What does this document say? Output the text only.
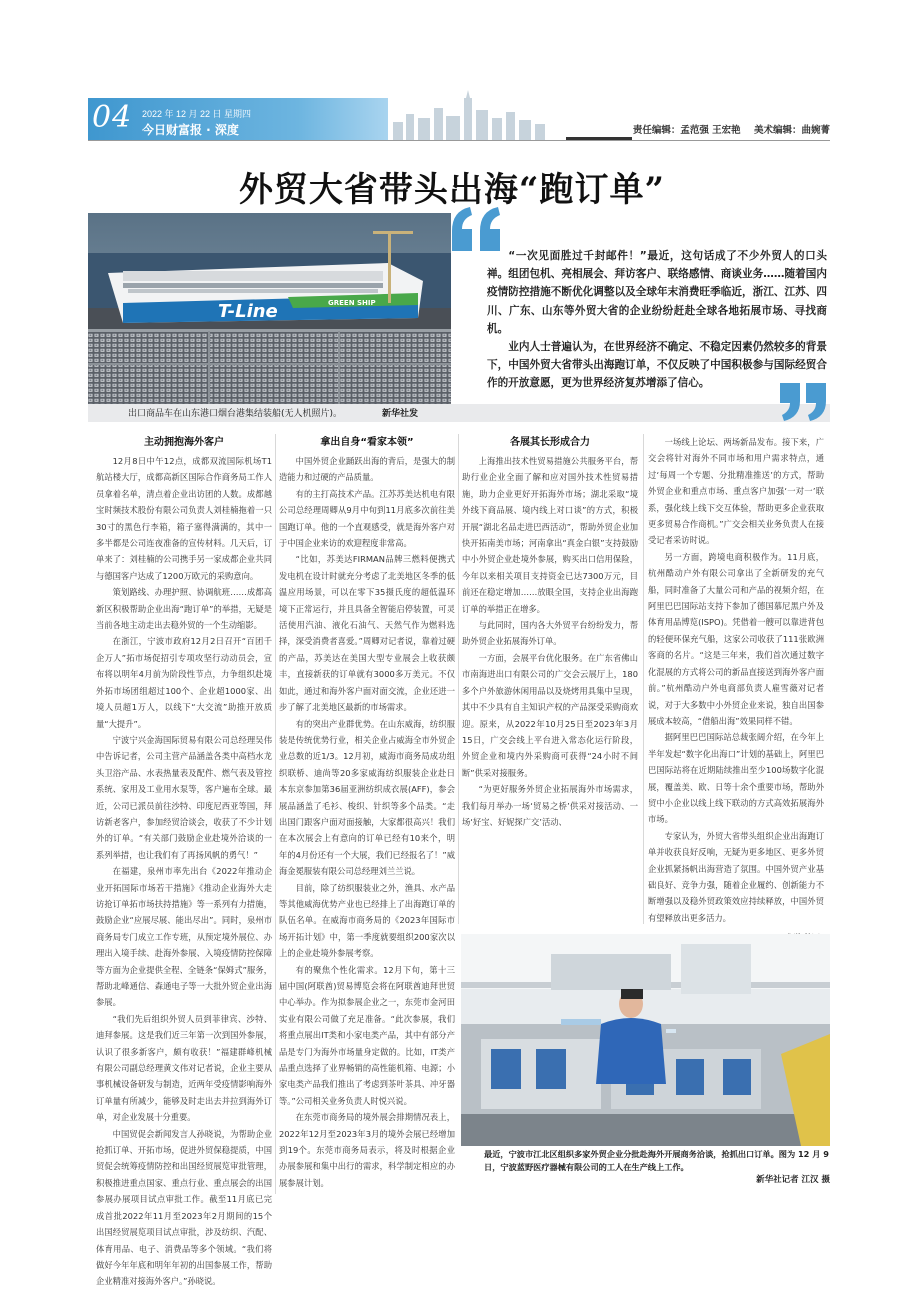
04 2022 年 12 月 22 日 星期四
今日财富报 · 深度	责任编辑：孟范强 王宏艳 美术编辑：曲婉菁
外贸大省带头出海“跑订单”
T-Line	GREEN SHIP
出口商品车在山东港口烟台港集结装船(无人机照片)。	新华社发

“一次见面胜过千封邮件！”最近，这句话成了不少外贸人的口头禅。组团包机、亮相展会、拜访客户、联络感情、商谈业务……随着国内疫情防控措施不断优化调整以及全球年末消费旺季临近，浙江、江苏、四川、广东、山东等外贸大省的企业纷纷赶赴全球各地拓展市场、寻找商机。

业内人士普遍认为，在世界经济不确定、不稳定因素仍然较多的背景下，中国外贸大省带头出海跑订单，不仅反映了中国积极参与国际经贸合作的开放意愿，更为世界经济复苏增添了信心。

主动拥抱海外客户

12月8日中午12点，成都双流国际机场T1航站楼大厅，成都高新区国际合作商务局工作人员拿着名单，清点着企业出访团的人数。成都越宝时频技术股份有限公司负责人刘桂楠拖着一只30寸的黑色行李箱，箱子塞得满满的，其中一多半都是公司连夜准备的宣传材料。几天后，订单来了：刘桂楠的公司携手另一家成都企业共同与德国客户达成了1200万欧元的采购意向。

策划路线、办理护照、协调航班……成都高新区积极帮助企业出海“跑订单”的举措，无疑是当前各地主动走出去稳外贸的一个生动缩影。

在浙江，宁波市政府12月2日召开“百团千企万人”拓市场促招引专项攻坚行动动员会，宣布将以明年4月前为阶段性节点，力争组织赴境外拓市场团组超过100个、企业超1000家、出境人员超1万人，以线下“大交流”助推开放质量“大提升”。

宁波宁兴金海国际贸易有限公司总经理吴伟中告诉记者，公司主营产品涵盖各类中高档水龙头卫浴产品、水表热量表及配件、燃气表及管控系统、家用及工业用水泵等，客户遍布全球。最近，公司已派员前往沙特、印度尼西亚等国，拜访新老客户，参加经贸洽谈会，收获了不少计划外的订单。“有关部门鼓励企业赴境外洽谈的一系列举措，也让我们有了再扬风帆的勇气！”

在福建，泉州市率先出台《2022年推动企业开拓国际市场若干措施》《推动企业海外大走访抢订单拓市场扶持措施》等一系列有力措施，鼓励企业“应展尽展、能出尽出”。同时，泉州市商务局专门成立工作专班，从预定境外展位、办理出入境手续、赴海外参展、入境疫情防控保障等方面为企业提供全程、全链条“保姆式”服务，帮助北峰通信、森通电子等一大批外贸企业出海参展。

“我们先后组织外贸人员到菲律宾、沙特、迪拜参展。这是我们近三年第一次到国外参展，认识了很多新客户，颇有收获！”福建群峰机械有限公司副总经理黄文伟对记者说，企业主要从事机械设备研发与制造，近两年受疫情影响海外订单量有所减少，能够及时走出去并拉到海外订单，对企业发展十分重要。

中国贸促会新闻发言人孙晓说，为帮助企业抢抓订单、开拓市场，促进外贸保稳提质，中国贸促会统筹疫情防控和出国经贸展览审批管理，积极推进重点国家、重点行业、重点展会的出国参展办展项目试点审批工作。截至11月底已完成首批2022年11月至2023年2月期间的15个出国经贸展览项目试点审批，涉及纺织、汽配、体育用品、电子、消费品等多个领域。“我们将做好今年年底和明年年初的出国参展工作，帮助企业精准对接海外客户。”孙晓说。

拿出自身“看家本领”

中国外贸企业踊跃出海的背后，是强大的制造能力和过硬的产品质量。

有的主打高技术产品。江苏苏美达机电有限公司总经理周卿从9月中旬到11月底多次前往美国跑订单。他的一个直观感受，就是海外客户对于中国企业来访的欢迎程度非常高。

“比如，苏美达FIRMAN品牌三燃料便携式发电机在设计时就充分考虑了北美地区冬季的低温应用场景，可以在零下35摄氏度的超低温环境下正常运行，并且具备全智能启停装置，可灵活使用汽油、液化石油气、天然气作为燃料选择，深受消费者喜爱。”周卿对记者说，靠着过硬的产品，苏美达在美国大型专业展会上收获颇丰，直接新获的订单就有3000多万美元。不仅如此，通过和海外客户面对面交流，企业还进一步了解了北美地区最新的市场需求。

有的突出产业群优势。在山东威海，纺织服装是传统优势行业，相关企业占威海全市外贸企业总数的近1/3。12月初，威海市商务局成功组织联桥、迪尚等20多家威海纺织服装企业赴日本东京参加第36届亚洲纺织成衣展(AFF)，参会展品涵盖了毛衫、梭织、针织等多个品类。“走出国门跟客户面对面接触，大家都很高兴！我们在本次展会上有意向的订单已经有10来个，明年的4月份还有一个大展，我们已经报名了！”威海金冕服装有限公司总经理刘兰兰说。

目前，除了纺织服装业之外，渔具、水产品等其他威海优势产业也已经排上了出海跑订单的队伍名单。在威海市商务局的《2023年国际市场开拓计划》中，第一季度就要组织200家次以上的企业赴境外参展考察。

有的聚焦个性化需求。12月下旬，第十三届中国(阿联酋)贸易博览会将在阿联酋迪拜世贸中心举办。作为拟参展企业之一，东莞市金河田实业有限公司做了充足准备。“此次参展，我们将重点展出IT类和小家电类产品，其中有部分产品是专门为海外市场量身定做的。比如，IT类产品重点选择了业界畅销的高性能机箱、电源；小家电类产品我们推出了考虑到茶叶茶具、冲牙器等。”公司相关业务负责人时悦兴说。

在东莞市商务局的境外展会排期情况表上，2022年12月至2023年3月的境外会展已经增加到19个。东莞市商务局表示，将及时根据企业办展参展和集中出行的需求，科学制定相应的办展参展计划。

各展其长形成合力

上海推出技术性贸易措施公共服务平台，帮助行业企业全面了解和应对国外技术性贸易措施，助力企业更好开拓海外市场；湖北采取“境外线下商品展、境内线上对口谈”的方式，积极开展“湖北名品走进巴西活动”，帮助外贸企业加快开拓南美市场；河南拿出“真金白银”支持鼓励中小外贸企业赴境外参展，购买出口信用保险，今年以来相关项目支持资金已达7300万元，目前还在稳定增加……放眼全国，支持企业出海跑订单的举措正在增多。

与此同时，国内各大外贸平台纷纷发力，帮助外贸企业拓展海外订单。

一方面，会展平台优化服务。在广东省佛山市南海进出口有限公司的广交会云展厅上，180多个户外旅游休闲用品以及烧烤用具集中呈现，其中不少具有自主知识产权的产品深受采购商欢迎。原来，从2022年10月25日至2023年3月15日，广交会线上平台进入常态化运行阶段，外贸企业和境内外采购商可获得“24小时不间断”供采对接服务。

“为更好服务外贸企业拓展海外市场需求，我们每月举办一场‘贸易之桥’供采对接活动、一场‘好宝、好妮探广交’活动、

一场线上论坛、两场新品发布。接下来，广交会将针对海外不同市场和用户需求特点，通过‘每周一个专题、分批精准推送’的方式，帮助外贸企业和重点市场、重点客户加强‘一对一’联系，强化线上线下交互体验，帮助更多企业获取更多贸易合作商机。”广交会相关业务负责人在接受记者采访时说。

另一方面，跨境电商积极作为。11月底，杭州酷动户外有限公司拿出了全新研发的充气船，同时准备了大量公司和产品的视频介绍，在阿里巴巴国际站支持下参加了德国慕尼黑户外及体育用品博览(ISPO)。凭借着一艘可以靠进背包的轻便环保充气船，这家公司收获了111张欧洲客商的名片。“这是三年来，我们首次通过数字化混展的方式将公司的新品直接送到海外客户面前。”杭州酷动户外电商部负责人雇雪薇对记者说，对于大多数中小外贸企业来说，独自出国参展成本较高，“借船出海”效果同样不错。

据阿里巴巴国际站总裁张阔介绍，在今年上半年发起“数字化出海口”计划的基础上，阿里巴巴国际站将在近期陆续推出至少100场数字化混展，覆盖美、欧、日等十余个重要市场，帮助外贸中小企业以线上线下联动的方式高效拓展海外市场。

专家认为，外贸大省带头组织企业出海跑订单并收获良好反响，无疑为更多地区、更多外贸企业抓紧扬帆出海营造了氛围。中国外贸产业基础良好、竞争力强，随着企业履约、创新能力不断增强以及稳外贸政策效应持续释放，中国外贸有望释放出更多活力。

最近，宁波市江北区组织多家外贸企业分批赴海外开展商务洽谈，抢抓出口订单。图为 12 月 9 日，宁波蓝野医疗器械有限公司的工人在生产线上工作。
新华社记者 江汉 摄
